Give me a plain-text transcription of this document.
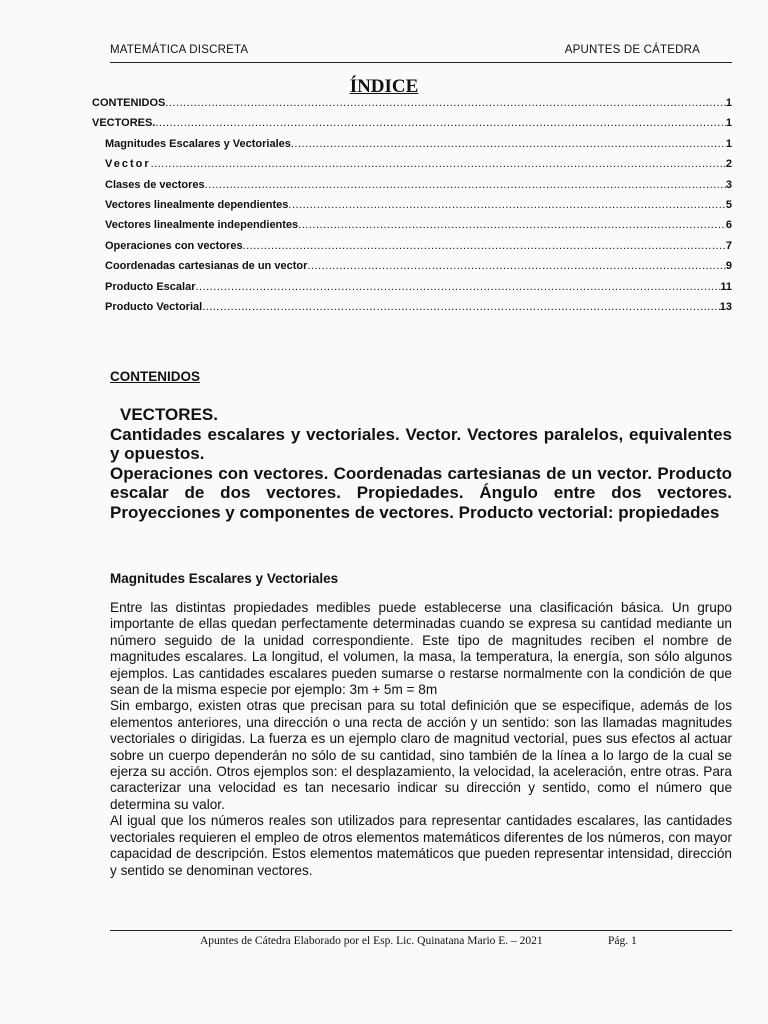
MATEMÁTICA DISCRETA	APUNTES DE CÁTEDRA
ÍNDICE
CONTENIDOS .....	1
VECTORES. .....	1
Magnitudes Escalares y Vectoriales .....	1
Vector .....	2
Clases de vectores .....	3
Vectores linealmente dependientes .....	5
Vectores linealmente independientes .....	6
Operaciones con vectores .....	7
Coordenadas cartesianas de un vector .....	9
Producto Escalar .....	11
Producto Vectorial .....	13
CONTENIDOS

VECTORES.

Cantidades escalares y vectoriales. Vector. Vectores paralelos, equivalentes y opuestos.

Operaciones con vectores. Coordenadas cartesianas de un vector. Producto escalar de dos vectores. Propiedades. Ángulo entre dos vectores. Proyecciones y componentes de vectores. Producto vectorial: propiedades

Magnitudes Escalares y Vectoriales

Entre las distintas propiedades medibles puede establecerse una clasificación básica. Un grupo importante de ellas quedan perfectamente determinadas cuando se expresa su cantidad mediante un número seguido de la unidad correspondiente. Este tipo de magnitudes reciben el nombre de magnitudes escalares. La longitud, el volumen, la masa, la temperatura, la energía, son sólo algunos ejemplos. Las cantidades escalares pueden sumarse o restarse normalmente con la condición de que sean de la misma especie por ejemplo: 3m + 5m = 8m

Sin embargo, existen otras que precisan para su total definición que se especifique, además de los elementos anteriores, una dirección o una recta de acción y un sentido: son las llamadas magnitudes vectoriales o dirigidas. La fuerza es un ejemplo claro de magnitud vectorial, pues sus efectos al actuar sobre un cuerpo dependerán no sólo de su cantidad, sino también de la línea a lo largo de la cual se ejerza su acción. Otros ejemplos son: el desplazamiento, la velocidad, la aceleración, entre otras. Para caracterizar una velocidad es tan necesario indicar su dirección y sentido, como el número que determina su valor.

Al igual que los números reales son utilizados para representar cantidades escalares, las cantidades vectoriales requieren el empleo de otros elementos matemáticos diferentes de los números, con mayor capacidad de descripción. Estos elementos matemáticos que pueden representar intensidad, dirección y sentido se denominan vectores.

Apuntes de Cátedra Elaborado por el Esp. Lic. Quinatana Mario E. – 2021	Pág. 1
